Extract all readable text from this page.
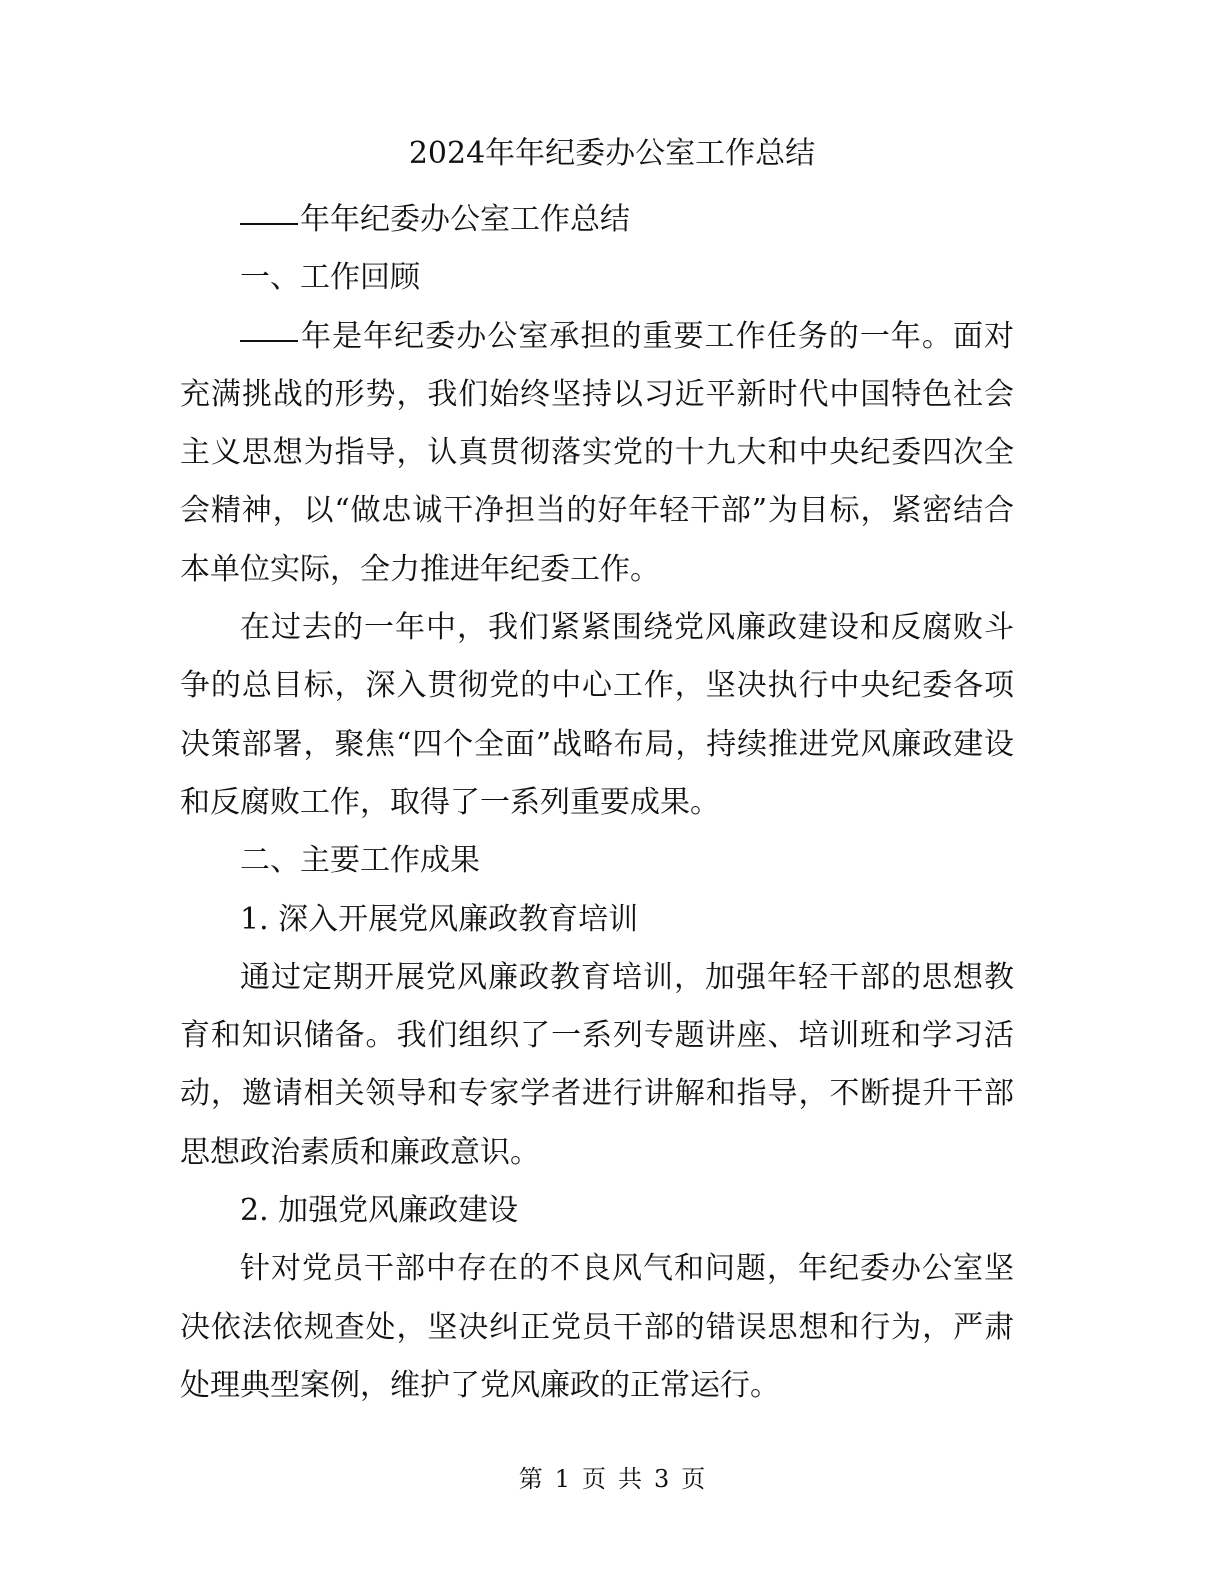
2024年年纪委办公室工作总结

年年纪委办公室工作总结

一、工作回顾

年是年纪委办公室承担的重要工作任务的一年。面对充满挑战的形势，我们始终坚持以习近平新时代中国特色社会主义思想为指导，认真贯彻落实党的十九大和中央纪委四次全会精神，以“做忠诚干净担当的好年轻干部”为目标，紧密结合本单位实际，全力推进年纪委工作。

在过去的一年中，我们紧紧围绕党风廉政建设和反腐败斗争的总目标，深入贯彻党的中心工作，坚决执行中央纪委各项决策部署，聚焦“四个全面”战略布局，持续推进党风廉政建设和反腐败工作，取得了一系列重要成果。

二、主要工作成果

1. 深入开展党风廉政教育培训

通过定期开展党风廉政教育培训，加强年轻干部的思想教育和知识储备。我们组织了一系列专题讲座、培训班和学习活动，邀请相关领导和专家学者进行讲解和指导，不断提升干部思想政治素质和廉政意识。

2. 加强党风廉政建设

针对党员干部中存在的不良风气和问题，年纪委办公室坚决依法依规查处，坚决纠正党员干部的错误思想和行为，严肃处理典型案例，维护了党风廉政的正常运行。

第 1 页 共 3 页
